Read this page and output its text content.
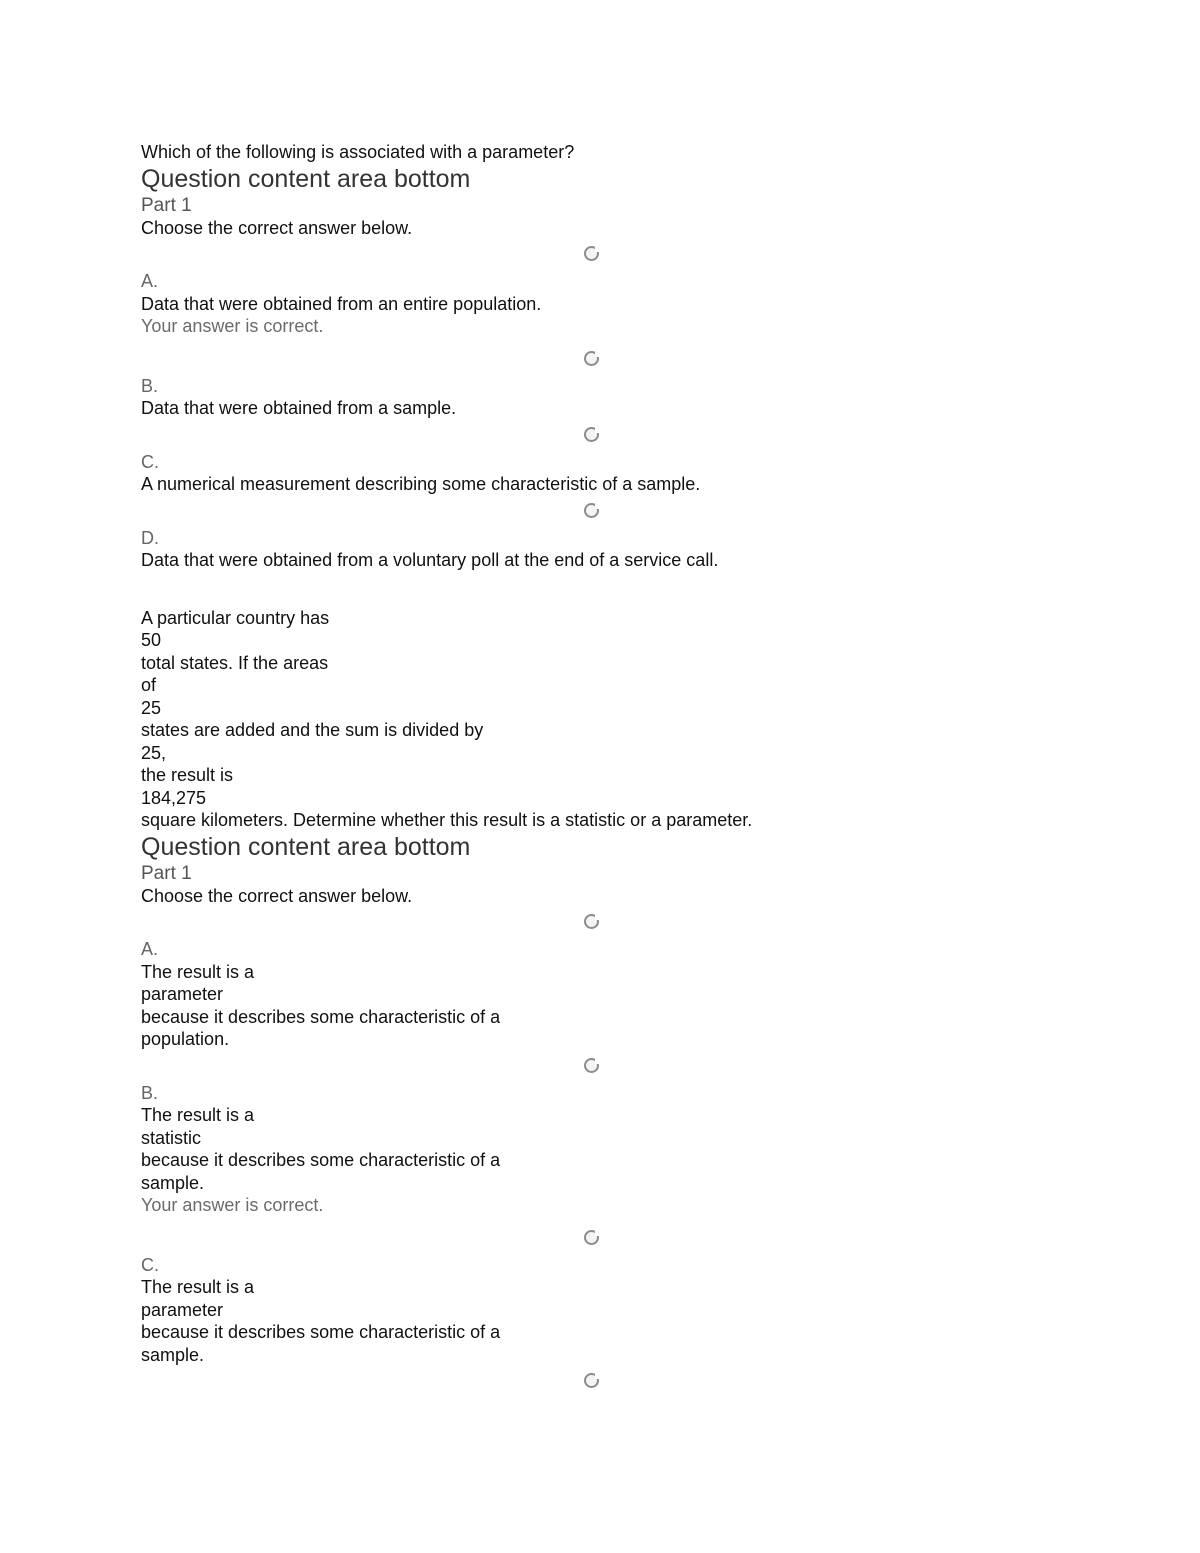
Which of the following is associated with a parameter?

Question content area bottom

Part 1

Choose the correct answer below.

A.

Data that were obtained from an entire population.

Your answer is correct.

B.

Data that were obtained from a sample.

C.

A numerical measurement describing some characteristic of a sample.

D.

Data that were obtained from a voluntary poll at the end of a service call.

A particular country has

50

total states. If the areas

of

25

states are added and the sum is divided by

25,

the result is

184,275

square kilometers. Determine whether this result is a statistic or a parameter.

Question content area bottom

Part 1

Choose the correct answer below.

A.

The result is a

parameter

because it describes some characteristic of a

population.

B.

The result is a

statistic

because it describes some characteristic of a

sample.

Your answer is correct.

C.

The result is a

parameter

because it describes some characteristic of a

sample.
